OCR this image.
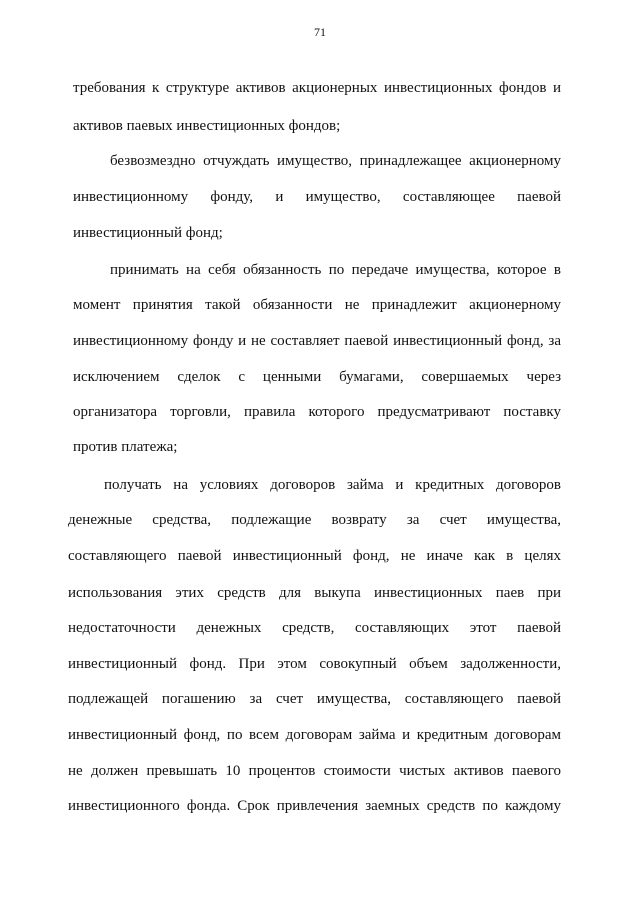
71
требования к структуре активов акционерных инвестиционных фондов и
активов паевых инвестиционных фондов;
безвозмездно отчуждать имущество, принадлежащее акционерному
инвестиционному фонду, и имущество, составляющее паевой
инвестиционный фонд;
принимать на себя обязанность по передаче имущества, которое в
момент принятия такой обязанности не принадлежит акционерному
инвестиционному фонду и не составляет паевой инвестиционный фонд, за
исключением сделок с ценными бумагами, совершаемых через
организатора торговли, правила которого предусматривают поставку
против платежа;
получать на условиях договоров займа и кредитных договоров
денежные средства, подлежащие возврату за счет имущества,
составляющего паевой инвестиционный фонд, не иначе как в целях
использования этих средств для выкупа инвестиционных паев при
недостаточности денежных средств, составляющих этот паевой
инвестиционный фонд. При этом совокупный объем задолженности,
подлежащей погашению за счет имущества, составляющего паевой
инвестиционный фонд, по всем договорам займа и кредитным договорам
не должен превышать 10 процентов стоимости чистых активов паевого
инвестиционного фонда. Срок привлечения заемных средств по каждому
